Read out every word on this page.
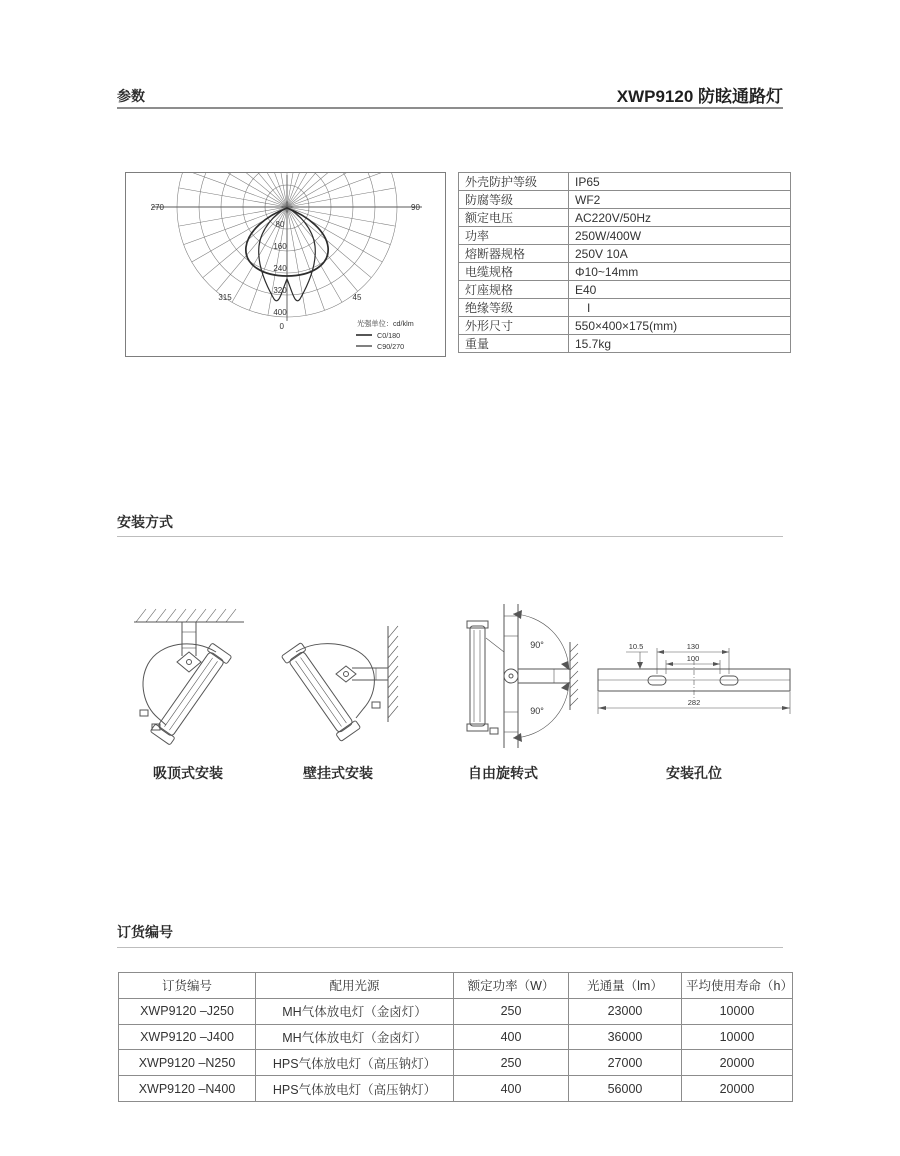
参数	XWP9120 防眩通路灯
270	90
315	45
0
80
160
240
320
400
光强单位：cd/klm
C0/180
C90/270
外壳防护等级	IP65
防腐等级	WF2
额定电压	AC220V/50Hz
功率	250W/400W
熔断器规格	250V 10A
电缆规格	Φ10~14mm
灯座规格	E40
绝缘等级	I
外形尺寸	550×400×175(mm)
重量	15.7kg
安装方式
90°
90°
130
100
10.5
282
吸顶式安装	壁挂式安装	自由旋转式	安装孔位
订货编号
订货编号	配用光源	额定功率（W）	光通量（lm）	平均使用寿命（h）
XWP9120 –J250	MH气体放电灯（金卤灯）	250	23000	10000
XWP9120 –J400	MH气体放电灯（金卤灯）	400	36000	10000
XWP9120 –N250	HPS气体放电灯（高压钠灯）	250	27000	20000
XWP9120 –N400	HPS气体放电灯（高压钠灯）	400	56000	20000
